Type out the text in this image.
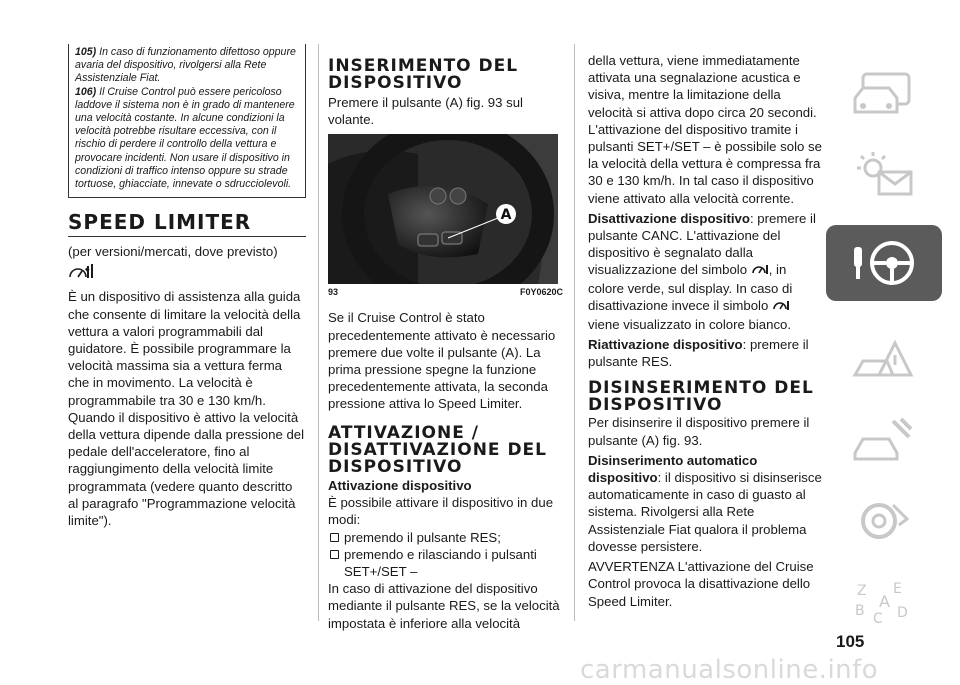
105) In caso di funzionamento difettoso oppure avaria del dispositivo, rivolgersi alla Rete Assistenziale Fiat.

106) Il Cruise Control può essere pericoloso laddove il sistema non è in grado di mantenere una velocità costante. In alcune condizioni la velocità potrebbe risultare eccessiva, con il rischio di perdere il controllo della vettura e provocare incidenti. Non usare il dispositivo in condizioni di traffico intenso oppure su strade tortuose, ghiacciate, innevate o sdrucciolevoli.

SPEED LIMITER

(per versioni/mercati, dove previsto)

◆

È un dispositivo di assistenza alla guida che consente di limitare la velocità della vettura a valori programmabili dal guidatore. È possibile programmare la velocità massima sia a vettura ferma che in movimento. La velocità è programmabile tra 30 e 130 km/h.

Quando il dispositivo è attivo la velocità della vettura dipende dalla pressione del pedale dell'acceleratore, fino al raggiungimento della velocità limite programmata (vedere quanto descritto al paragrafo "Programmazione velocità limite").

INSERIMENTO DEL DISPOSITIVO

Premere il pulsante (A) fig. 93 sul volante.

A
93	F0Y0620C

Se il Cruise Control è stato precedentemente attivato è necessario premere due volte il pulsante (A). La prima pressione spegne la funzione precedentemente attivata, la seconda pressione attiva lo Speed Limiter.

ATTIVAZIONE / DISATTIVAZIONE DEL DISPOSITIVO

Attivazione dispositivo

È possibile attivare il dispositivo in due modi:

premendo il pulsante RES;
premendo e rilasciando i pulsanti SET+/SET –

In caso di attivazione del dispositivo mediante il pulsante RES, se la velocità impostata è inferiore alla velocità

della vettura, viene immediatamente attivata una segnalazione acustica e visiva, mentre la limitazione della velocità si attiva dopo circa 20 secondi. L'attivazione del dispositivo tramite i pulsanti SET+/SET – è possibile solo se la velocità della vettura è compressa fra 30 e 130 km/h. In tal caso il dispositivo viene attivato alla velocità corrente.

Disattivazione dispositivo: premere il pulsante CANC. L'attivazione del dispositivo è segnalato dalla visualizzazione del simbolo , in colore verde, sul display. In caso di disattivazione invece il simbolo  viene visualizzato in colore bianco.

Riattivazione dispositivo: premere il pulsante RES.

DISINSERIMENTO DEL DISPOSITIVO

Per disinserire il dispositivo premere il pulsante (A) fig. 93.

Disinserimento automatico dispositivo: il dispositivo si disinserisce automaticamente in caso di guasto al sistema. Rivolgersi alla Rete Assistenziale Fiat qualora il problema dovesse persistere.

AVVERTENZA L'attivazione del Cruise Control provoca la disattivazione dello Speed Limiter.

Z E
B A
C D
105
carmanualsonline.info
